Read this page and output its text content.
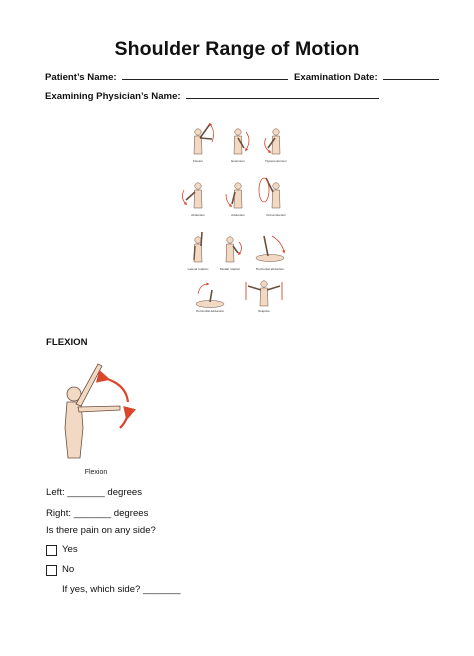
Shoulder Range of Motion
Patient’s Name:	Examination Date:
Examining Physician’s Name:
Flexion	Extension	Hyperextension
Abduction	Adduction	Circumduction
Lateral rotation	Medial rotation	Horizontal abduction
Horizontal adduction	Scaption
FLEXION
Flexion
Left: _______ degrees
Right: _______ degrees
Is there pain on any side?
Yes
No
If yes, which side? _______
